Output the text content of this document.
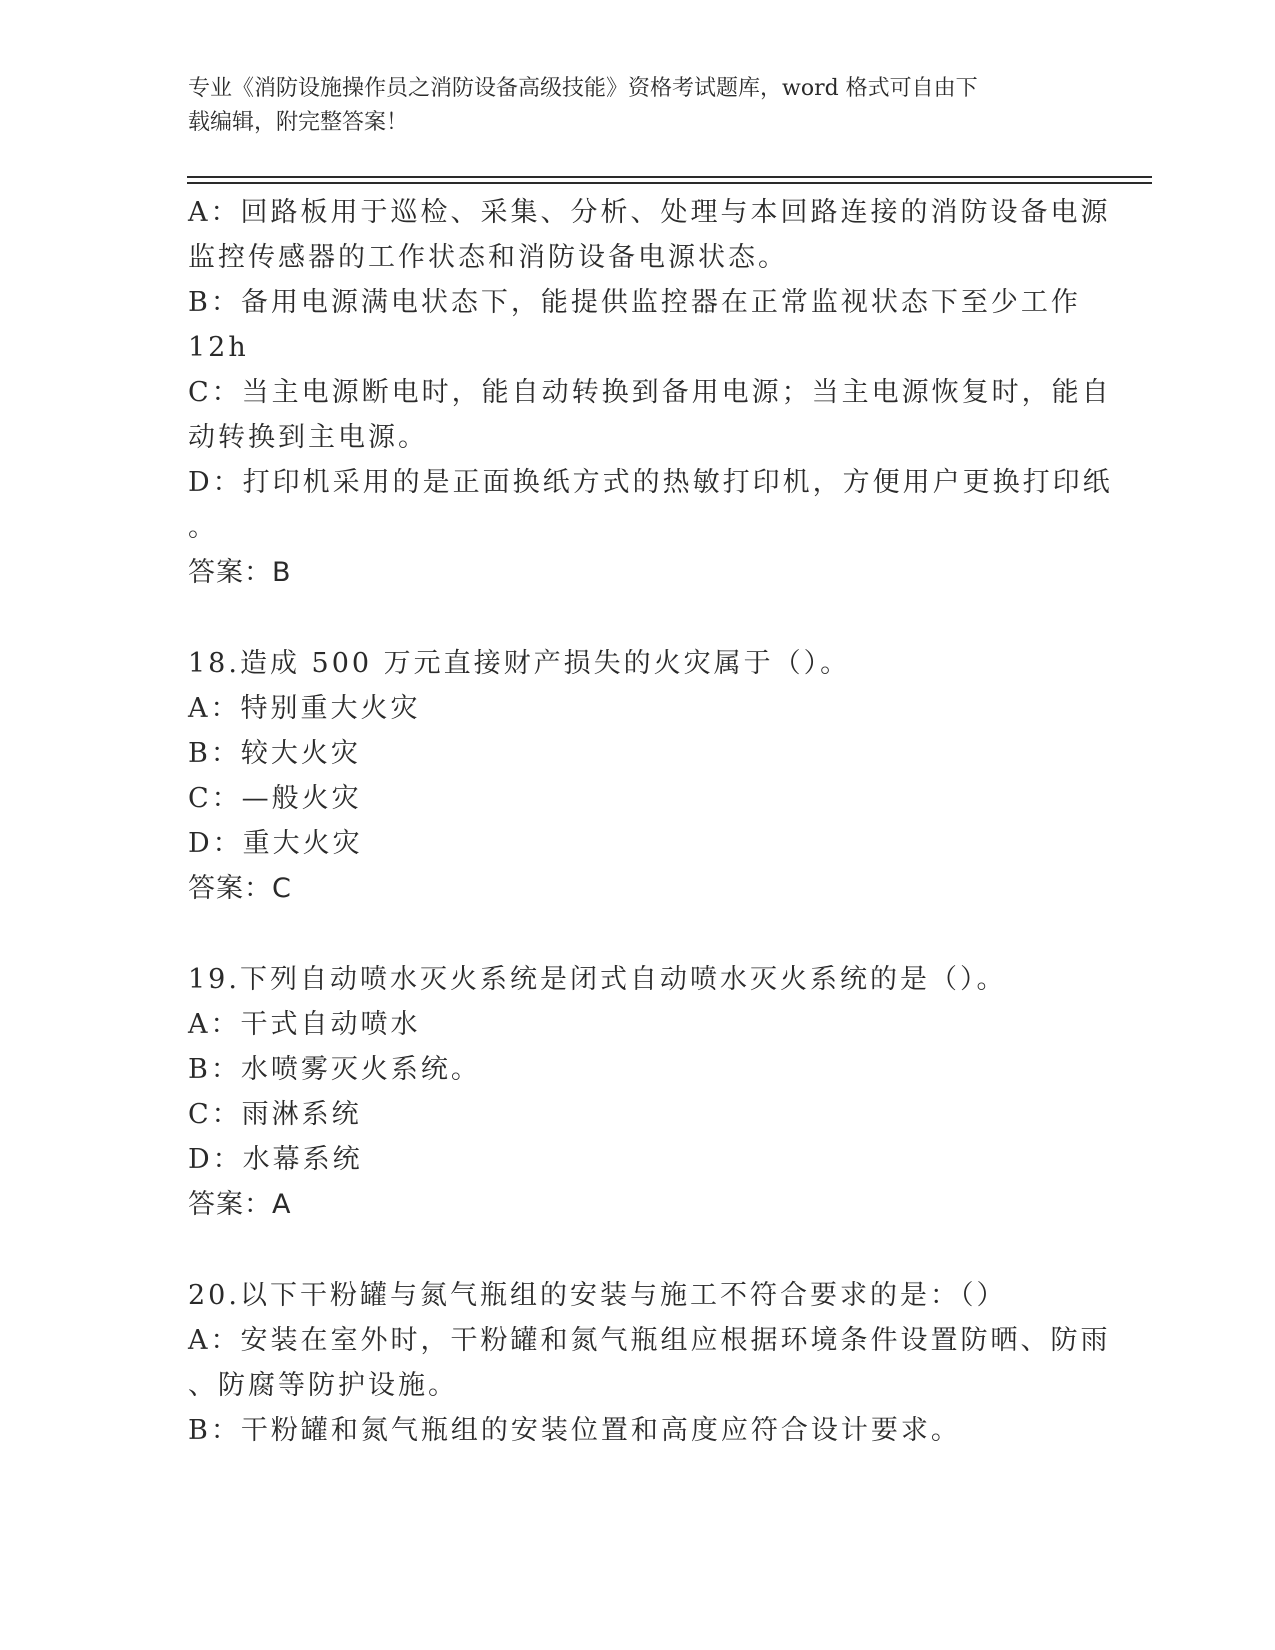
专业《消防设施操作员之消防设备高级技能》资格考试题库，word 格式可自由下
载编辑，附完整答案！
A：回路板用于巡检、采集、分析、处理与本回路连接的消防设备电源
监控传感器的工作状态和消防设备电源状态。
B：备用电源满电状态下，能提供监控器在正常监视状态下至少工作
12h
C：当主电源断电时，能自动转换到备用电源；当主电源恢复时，能自
动转换到主电源。
D：打印机采用的是正面换纸方式的热敏打印机，方便用户更换打印纸
。
答案：B
18.造成 500 万元直接财产损失的火灾属于（）。
A：特别重大火灾
B：较大火灾
C：—般火灾
D：重大火灾
答案：C
19.下列自动喷水灭火系统是闭式自动喷水灭火系统的是（）。
A：干式自动喷水
B：水喷雾灭火系统。
C：雨淋系统
D：水幕系统
答案：A
20.以下干粉罐与氮气瓶组的安装与施工不符合要求的是：（）
A：安装在室外时，干粉罐和氮气瓶组应根据环境条件设置防晒、防雨
、防腐等防护设施。
B：干粉罐和氮气瓶组的安装位置和高度应符合设计要求。
